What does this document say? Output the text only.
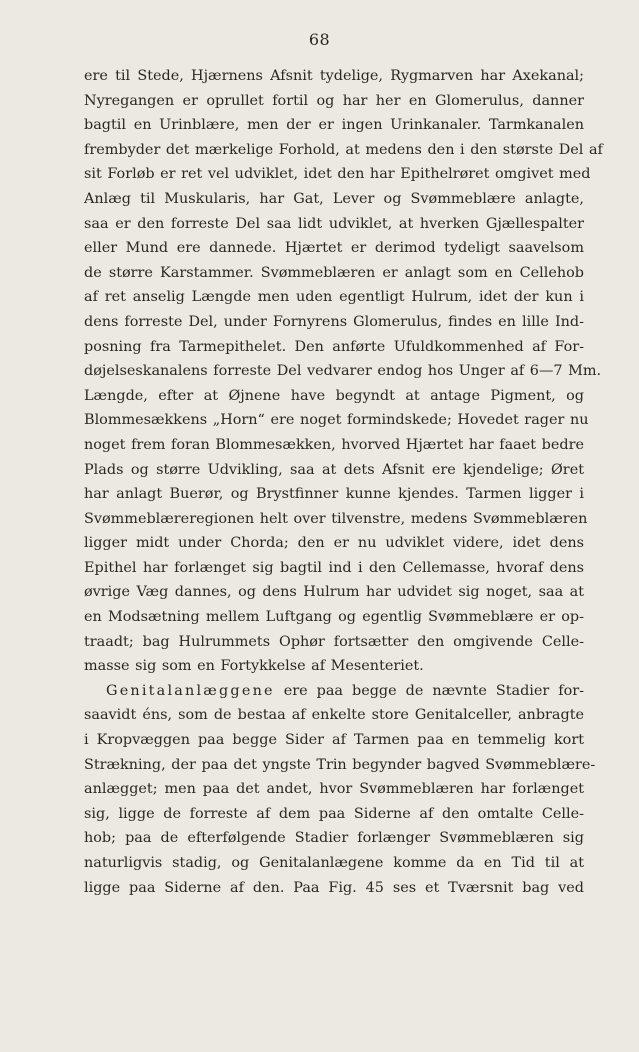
68
ere til Stede, Hjærnens Afsnit tydelige, Rygmarven har Axekanal;
Nyregangen er oprullet fortil og har her en Glomerulus, danner
bagtil en Urinblære, men der er ingen Urinkanaler. Tarmkanalen
frembyder det mærkelige Forhold, at medens den i den største Del af
sit Forløb er ret vel udviklet, idet den har Epithelrøret omgivet med
Anlæg til Muskularis, har Gat, Lever og Svømmeblære anlagte,
saa er den forreste Del saa lidt udviklet, at hverken Gjællespalter
eller Mund ere dannede. Hjærtet er derimod tydeligt saavelsom
de større Karstammer. Svømmeblæren er anlagt som en Cellehob
af ret anselig Længde men uden egentligt Hulrum, idet der kun i
dens forreste Del, under Fornyrens Glomerulus, findes en lille Ind-
posning fra Tarmepithelet. Den anførte Ufuldkommenhed af For-
døjelseskanalens forreste Del vedvarer endog hos Unger af 6—7 Mm.
Længde, efter at Øjnene have begyndt at antage Pigment, og
Blommesækkens „Horn“ ere noget formindskede; Hovedet rager nu
noget frem foran Blommesækken, hvorved Hjærtet har faaet bedre
Plads og større Udvikling, saa at dets Afsnit ere kjendelige; Øret
har anlagt Buerør, og Brystfinner kunne kjendes. Tarmen ligger i
Svømmeblæreregionen helt over tilvenstre, medens Svømmeblæren
ligger midt under Chorda; den er nu udviklet videre, idet dens
Epithel har forlænget sig bagtil ind i den Cellemasse, hvoraf dens
øvrige Væg dannes, og dens Hulrum har udvidet sig noget, saa at
en Modsætning mellem Luftgang og egentlig Svømmeblære er op-
traadt; bag Hulrummets Ophør fortsætter den omgivende Celle-
masse sig som en Fortykkelse af Mesenteriet.
Genitalanlæggene ere paa begge de nævnte Stadier for-
saavidt éns, som de bestaa af enkelte store Genitalceller, anbragte
i Kropvæggen paa begge Sider af Tarmen paa en temmelig kort
Strækning, der paa det yngste Trin begynder bagved Svømmeblære-
anlægget; men paa det andet, hvor Svømmeblæren har forlænget
sig, ligge de forreste af dem paa Siderne af den omtalte Celle-
hob; paa de efterfølgende Stadier forlænger Svømmeblæren sig
naturligvis stadig, og Genitalanlægene komme da en Tid til at
ligge paa Siderne af den. Paa Fig. 45 ses et Tværsnit bag ved
